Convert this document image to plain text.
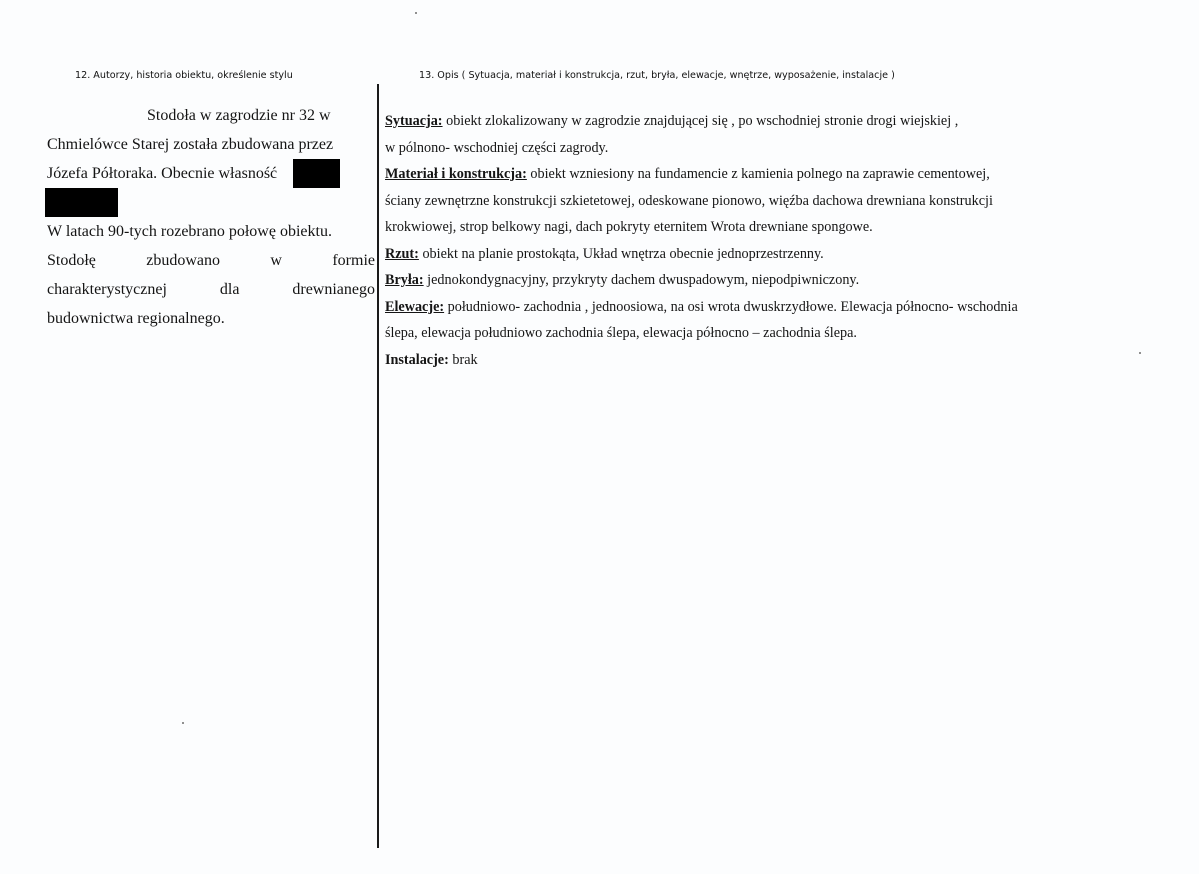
12. Autorzy, historia obiektu, określenie stylu	13. Opis ( Sytuacja, materiał i konstrukcja, rzut, bryła, elewacje, wnętrze, wyposażenie, instalacje )
Stodoła w zagrodzie nr 32 w
Chmielówce Starej została zbudowana przez
Józefa Półtoraka. Obecnie własność
W latach 90-tych rozebrano połowę obiektu.
Stodołę	zbudowano	w	formie
charakterystycznej	dla	drewnianego
budownictwa regionalnego.
Sytuacja: obiekt zlokalizowany w zagrodzie znajdującej się , po wschodniej stronie drogi wiejskiej ,
w pólnono- wschodniej części zagrody.
Materiał i konstrukcja: obiekt wzniesiony na fundamencie z kamienia polnego na zaprawie cementowej,
ściany zewnętrzne konstrukcji szkietetowej, odeskowane pionowo, więźba dachowa drewniana konstrukcji
krokwiowej, strop belkowy nagi, dach pokryty eternitem Wrota drewniane spongowe.
Rzut: obiekt na planie prostokąta, Układ wnętrza obecnie jednoprzestrzenny.
Bryła: jednokondygnacyjny, przykryty dachem dwuspadowym, niepodpiwniczony.
Elewacje: południowo- zachodnia , jednoosiowa, na osi wrota dwuskrzydłowe. Elewacja północno- wschodnia
ślepa, elewacja południowo zachodnia ślepa, elewacja północno – zachodnia ślepa.
Instalacje: brak
